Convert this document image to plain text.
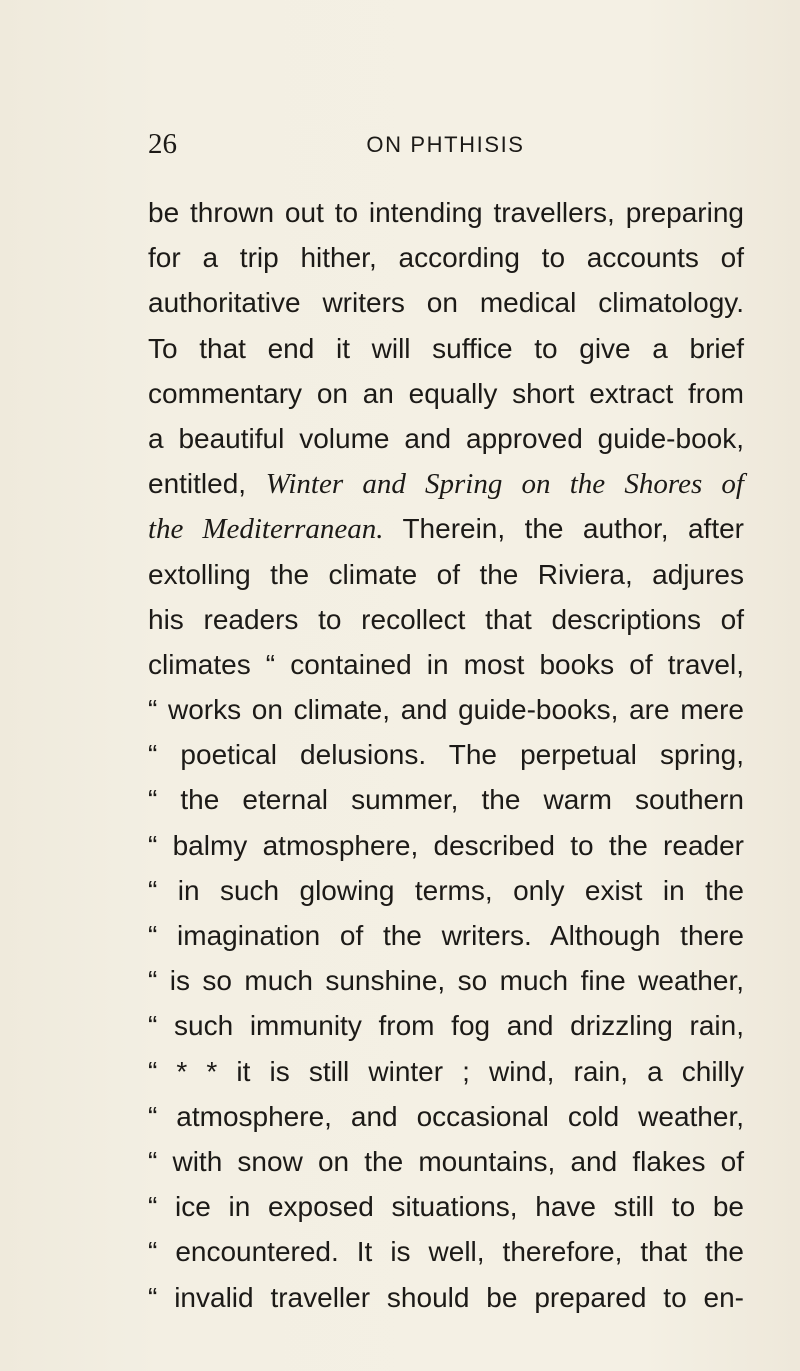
26	ON PHTHISIS
be thrown out to intending travellers, preparing
for a trip hither, according to accounts of
authoritative writers on medical climatology.
To that end it will suffice to give a brief
commentary on an equally short extract from
a beautiful volume and approved guide-book,
entitled, Winter and Spring on the Shores of
the Mediterranean. Therein, the author, after
extolling the climate of the Riviera, adjures
his readers to recollect that descriptions of
climates “ contained in most books of travel,
“ works on climate, and guide-books, are mere
“ poetical delusions. The perpetual spring,
“ the eternal summer, the warm southern
“ balmy atmosphere, described to the reader
“ in such glowing terms, only exist in the
“ imagination of the writers. Although there
“ is so much sunshine, so much fine weather,
“ such immunity from fog and drizzling rain,
“ * * it is still winter ; wind, rain, a chilly
“ atmosphere, and occasional cold weather,
“ with snow on the mountains, and flakes of
“ ice in exposed situations, have still to be
“ encountered. It is well, therefore, that the
“ invalid traveller should be prepared to en-
